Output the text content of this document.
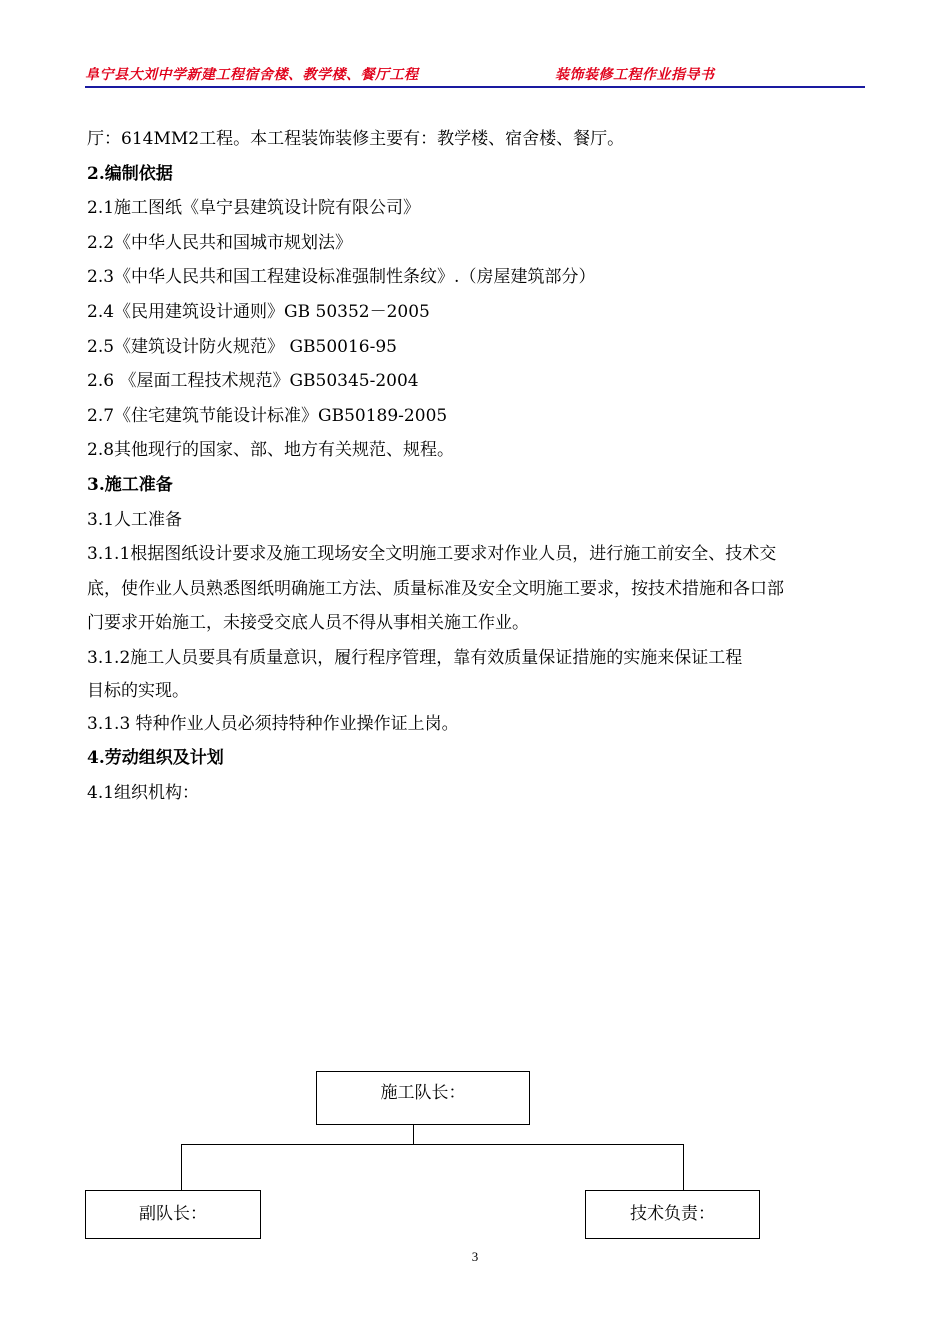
阜宁县大刘中学新建工程宿舍楼、教学楼、餐厅工程	装饰装修工程作业指导书
厅：614MM2工程。本工程装饰装修主要有：教学楼、宿舍楼、餐厅。
2.编制依据
2.1施工图纸《阜宁县建筑设计院有限公司》
2.2《中华人民共和国城市规划法》
2.3《中华人民共和国工程建设标准强制性条纹》.（房屋建筑部分）
2.4《民用建筑设计通则》GB 50352－2005
2.5《建筑设计防火规范》 GB50016-95
2.6 《屋面工程技术规范》GB50345-2004
2.7《住宅建筑节能设计标准》GB50189-2005
2.8其他现行的国家、部、地方有关规范、规程。
3.施工准备
3.1人工准备
3.1.1根据图纸设计要求及施工现场安全文明施工要求对作业人员，进行施工前安全、技术交
底，使作业人员熟悉图纸明确施工方法、质量标准及安全文明施工要求，按技术措施和各口部
门要求开始施工，未接受交底人员不得从事相关施工作业。
3.1.2施工人员要具有质量意识，履行程序管理，靠有效质量保证措施的实施来保证工程
目标的实现。
3.1.3 特种作业人员必须持特种作业操作证上岗。
4.劳动组织及计划
4.1组织机构：
施工队长：
副队长：	技术负责：
3
